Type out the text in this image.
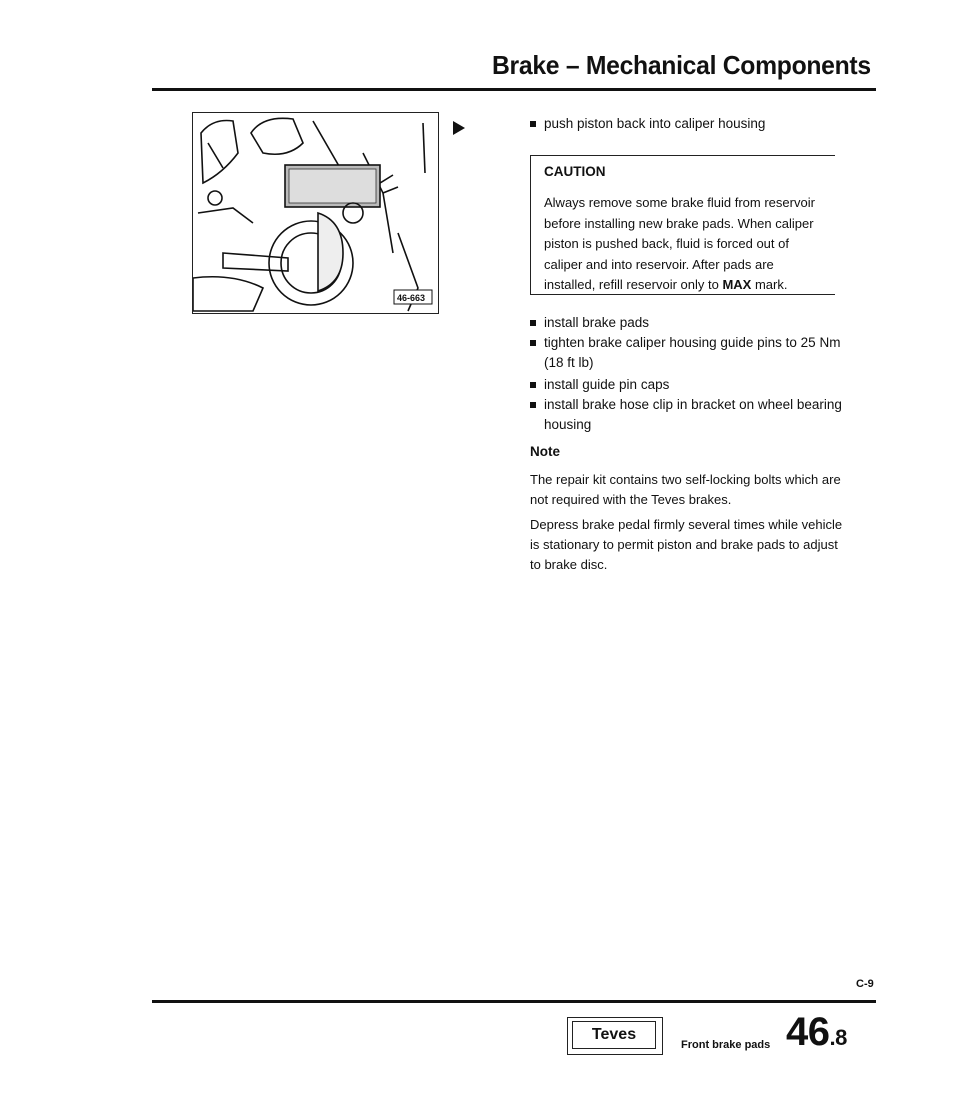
Brake – Mechanical Components
46-663
push piston back into caliper housing
CAUTION
Always remove some brake fluid from reservoir before installing new brake pads. When caliper piston is pushed back, fluid is forced out of caliper and into reservoir. After pads are installed, refill reservoir only to MAX mark.
install brake pads
tighten brake caliper housing guide pins to 25 Nm (18 ft lb)
install guide pin caps
install brake hose clip in bracket on wheel bearing housing
Note
The repair kit contains two self-locking bolts which are not required with the Teves brakes.
Depress brake pedal firmly several times while vehicle is stationary to permit piston and brake pads to adjust to brake disc.
C-9
Teves
Front brake pads 46.8
